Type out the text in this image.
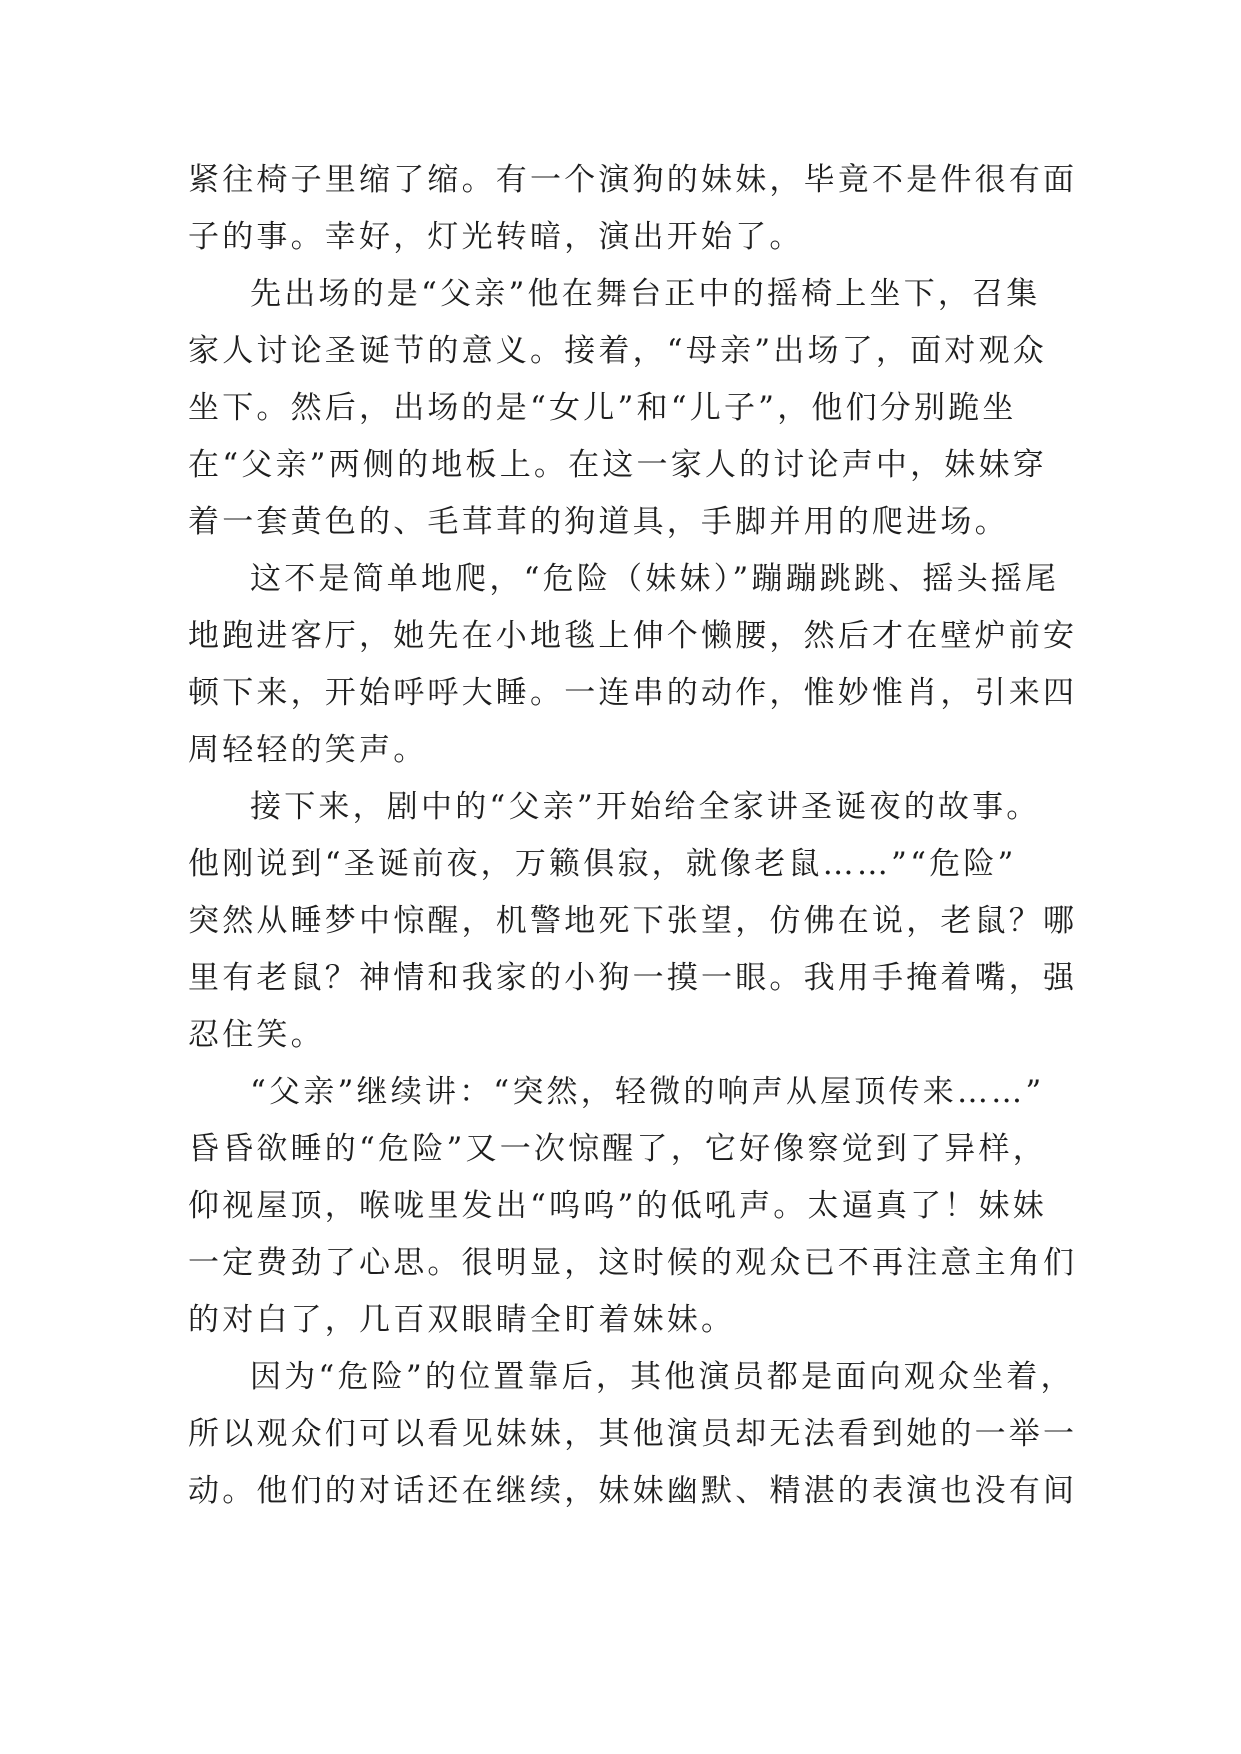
紧往椅子里缩了缩。有一个演狗的妹妹，毕竟不是件很有面
子的事。幸好，灯光转暗，演出开始了。
先出场的是“父亲”他在舞台正中的摇椅上坐下，召集
家人讨论圣诞节的意义。接着，“母亲”出场了，面对观众
坐下。然后，出场的是“女儿”和“儿子”，他们分别跪坐
在“父亲”两侧的地板上。在这一家人的讨论声中，妹妹穿
着一套黄色的、毛茸茸的狗道具，手脚并用的爬进场。
这不是简单地爬，“危险（妹妹）”蹦蹦跳跳、摇头摇尾
地跑进客厅，她先在小地毯上伸个懒腰，然后才在壁炉前安
顿下来，开始呼呼大睡。一连串的动作，惟妙惟肖，引来四
周轻轻的笑声。
接下来，剧中的“父亲”开始给全家讲圣诞夜的故事。
他刚说到“圣诞前夜，万籁俱寂，就像老鼠……”“危险”
突然从睡梦中惊醒，机警地死下张望，仿佛在说，老鼠？哪
里有老鼠？神情和我家的小狗一摸一眼。我用手掩着嘴，强
忍住笑。
“父亲”继续讲：“突然，轻微的响声从屋顶传来……”
昏昏欲睡的“危险”又一次惊醒了，它好像察觉到了异样，
仰视屋顶，喉咙里发出“呜呜”的低吼声。太逼真了！妹妹
一定费劲了心思。很明显，这时候的观众已不再注意主角们
的对白了，几百双眼睛全盯着妹妹。
因为“危险”的位置靠后，其他演员都是面向观众坐着，
所以观众们可以看见妹妹，其他演员却无法看到她的一举一
动。他们的对话还在继续，妹妹幽默、精湛的表演也没有间
